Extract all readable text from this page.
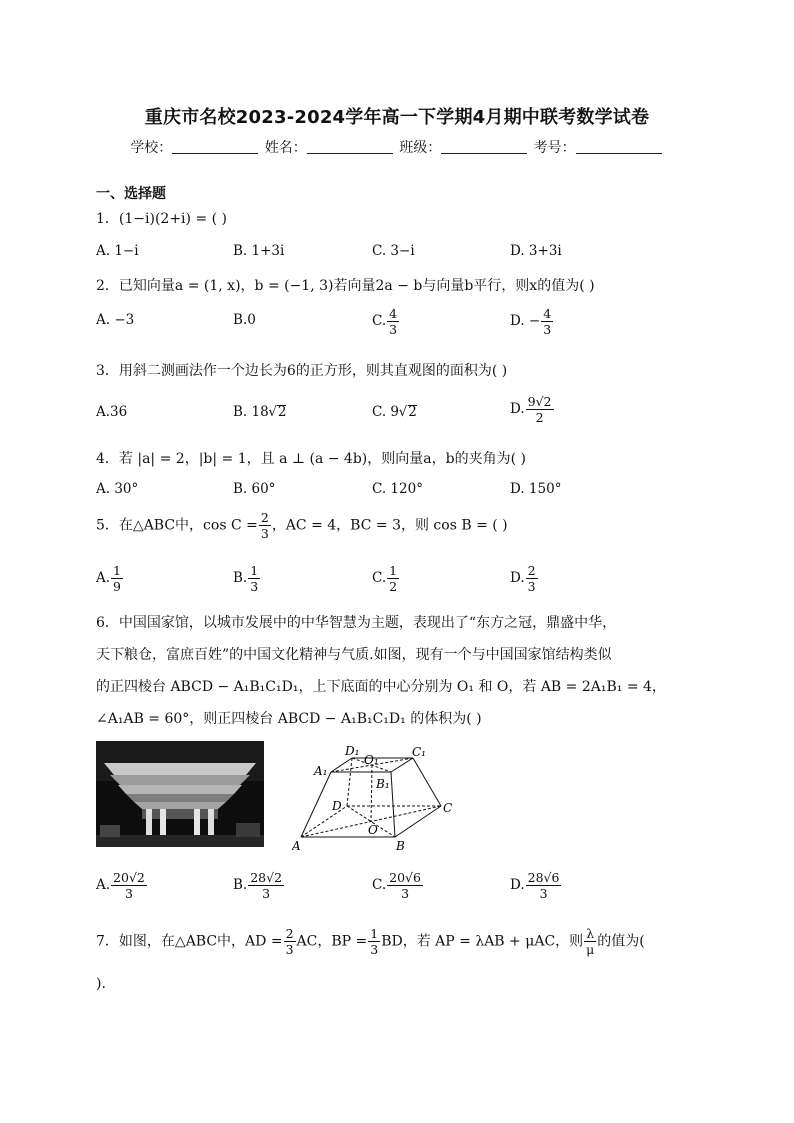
重庆市名校2023-2024学年高一下学期4月期中联考数学试卷
学校：	姓名：	班级：	考号：
一、选择题
1．(1−i)(2+i) = ( )
A. 1−i	B. 1+3i	C. 3−i	D. 3+3i
2．已知向量a = (1, x)，b = (−1, 3)若向量2a − b与向量b平行，则x的值为( )
A. −3	B.0	C. $\frac{4}{3}$	D. − $\frac{4}{3}$
3．用斜二测画法作一个边长为6的正方形，则其直观图的面积为( )
A.36	B. 18 √ 2	C. 9 √ 2	D. $\frac{9√2}{2}$
4．若 |a| = 2，|b| = 1，且 a ⊥ (a − 4b)，则向量a，b的夹角为( )
A. 30°	B. 60°	C. 120°	D. 150°
5．在△ABC中，$\cos C = \frac{2}{3}$ ，AC = 4，BC = 3，则 cos B = ( )
A. $\frac{1}{9}$	B. $\frac{1}{3}$	C. $\frac{1}{2}$	D. $\frac{2}{3}$
6．中国国家馆，以城市发展中的中华智慧为主题，表现出了“东方之冠，鼎盛中华，
天下粮仓，富庶百姓”的中国文化精神与气质.如图，现有一个与中国国家馆结构类似
的正四棱台 ABCD − A₁B₁C₁D₁，上下底面的中心分别为 O₁ 和 O，若 AB = 2A₁B₁ = 4，
∠A₁AB = 60°，则正四棱台 ABCD − A₁B₁C₁D₁ 的体积为( )
A	B
C
D
O
A₁
B₁
C₁
D₁
O₁
A. $\frac{20√2}{3}$	B. $\frac{28√2}{3}$	C. $\frac{20√6}{3}$	D. $\frac{28√6}{3}$
7．如图，在△ABC中，AD = $\frac{2}{3}$ AC，BP = $\frac{1}{3}$ BD，若 AP = λAB + μAC，则 $\frac{\lambda}{\mu}$ 的值为(
).
